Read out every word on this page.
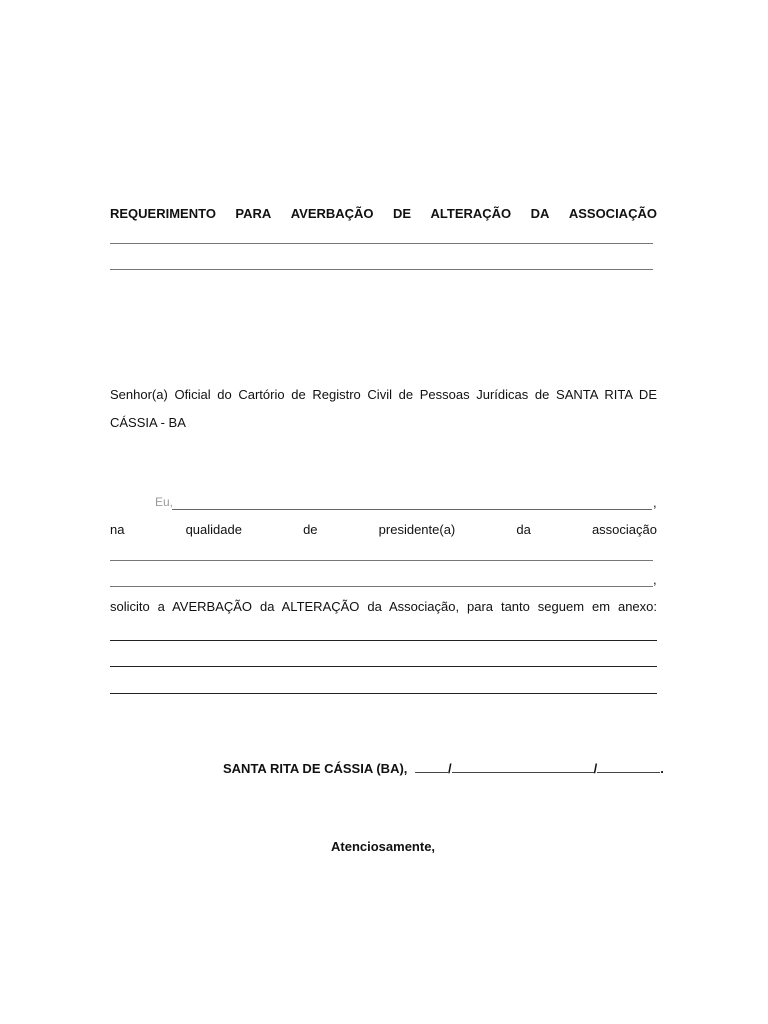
REQUERIMENTO PARA AVERBAÇÃO DE ALTERAÇÃO DA ASSOCIAÇÃO
Senhor(a) Oficial do Cartório de Registro Civil de Pessoas Jurídicas de SANTA RITA DE
CÁSSIA - BA
Eu,	,
na	qualidade	de	presidente(a)	da	associação
,
solicito a AVERBAÇÃO da ALTERAÇÃO da Associação, para tanto seguem em anexo:
SANTA RITA DE CÁSSIA (BA),	/	/	.
Atenciosamente,
